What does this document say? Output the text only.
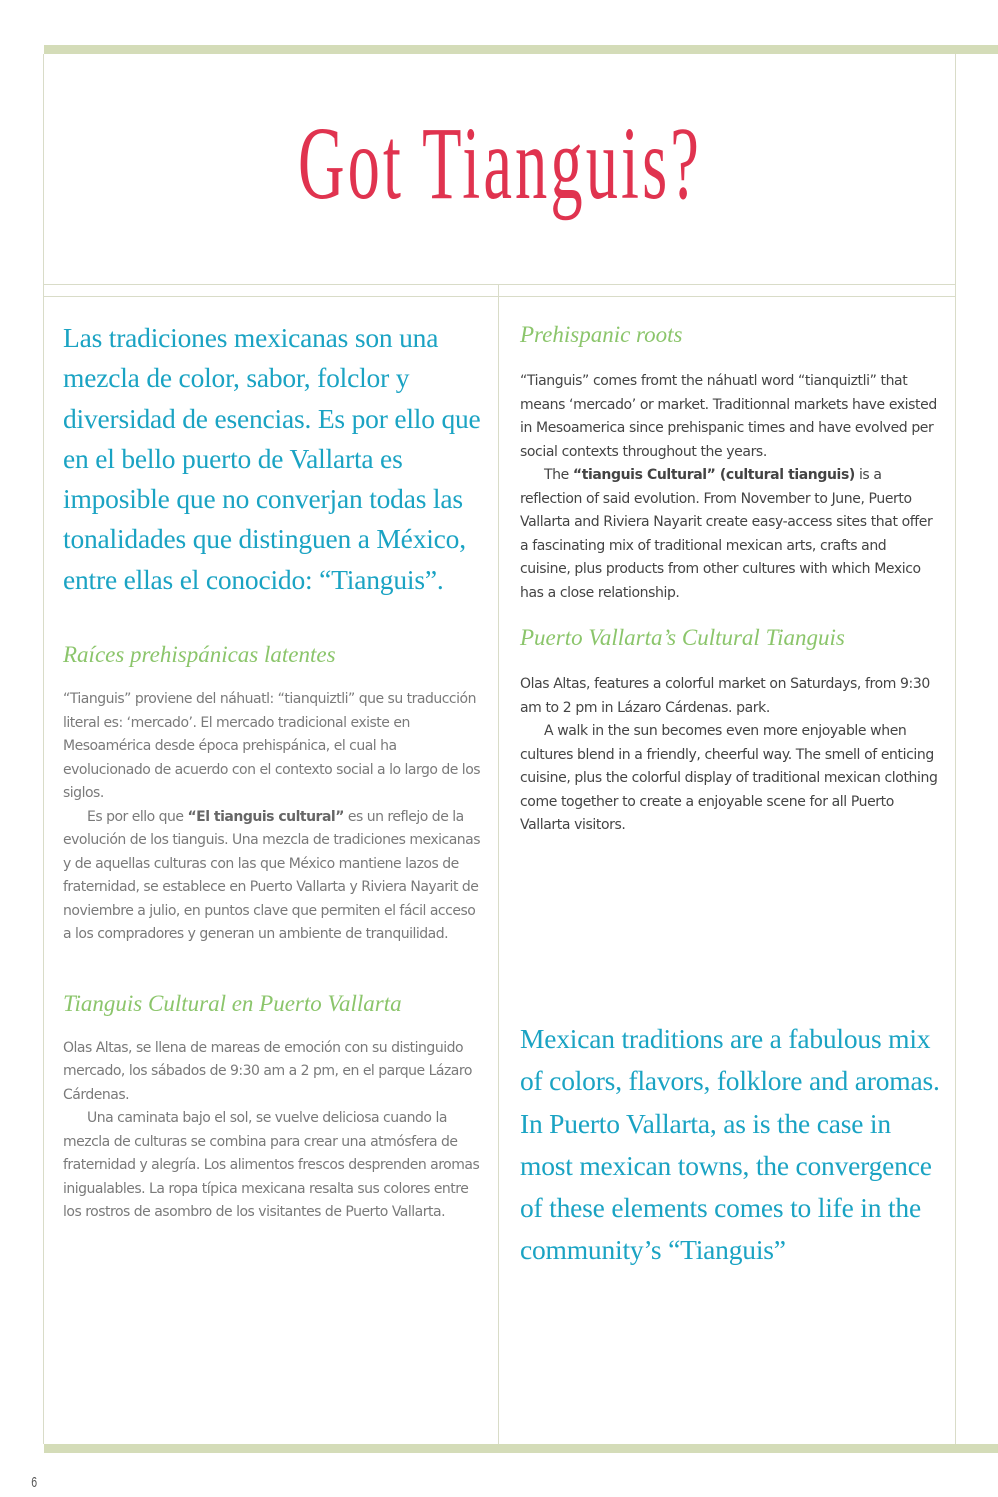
Got Tianguis?

Las tradiciones mexicanas son una mezcla de color, sabor, folclor y diversidad de esencias. Es por ello que en el bello puerto de Vallarta es imposible que no converjan todas las tonalidades que distinguen a México, entre ellas el conocido: “Tianguis”.

Raíces prehispánicas latentes

“Tianguis” proviene del náhuatl: “tianquiztli” que su traducción literal es: ‘mercado’. El mercado tradicional existe en Mesoamérica desde época prehispánica, el cual ha evolucionado de acuerdo con el contexto social a lo largo de los siglos.

Es por ello que “El tianguis cultural” es un reflejo de la evolución de los tianguis. Una mezcla de tradiciones mexicanas y de aquellas culturas con las que México mantiene lazos de fraternidad, se establece en Puerto Vallarta y Riviera Nayarit de noviembre a julio, en puntos clave que permiten el fácil acceso a los compradores y generan un ambiente de tranquilidad.

Tianguis Cultural en Puerto Vallarta

Olas Altas, se llena de mareas de emoción con su distinguido mercado, los sábados de 9:30 am a 2 pm, en el parque Lázaro Cárdenas.

Una caminata bajo el sol, se vuelve deliciosa cuando la mezcla de culturas se combina para crear una atmósfera de fraternidad y alegría. Los alimentos frescos desprenden aromas inigualables. La ropa típica mexicana resalta sus colores entre los rostros de asombro de los visitantes de Puerto Vallarta.

Prehispanic roots

“Tianguis” comes fromt the náhuatl word “tianquiztli” that means ‘mercado’ or market. Traditionnal markets have existed in Mesoamerica since prehispanic times and have evolved per social contexts throughout the years.

The “tianguis Cultural” (cultural tianguis) is a reflection of said evolution. From November to June, Puerto Vallarta and Riviera Nayarit create easy-access sites that offer a fascinating mix of traditional mexican arts, crafts and cuisine, plus products from other cultures with which Mexico has a close relationship.

Puerto Vallarta’s Cultural Tianguis

Olas Altas, features a colorful market on Saturdays, from 9:30 am to 2 pm in Lázaro Cárdenas. park.

A walk in the sun becomes even more enjoyable when cultures blend in a friendly, cheerful way. The smell of enticing cuisine, plus the colorful display of traditional mexican clothing come together to create a enjoyable scene for all Puerto Vallarta visitors.

Mexican traditions are a fabulous mix of colors, flavors, folklore and aromas. In Puerto Vallarta, as is the case in most mexican towns, the convergence of these elements comes to life in the community’s “Tianguis”

6
